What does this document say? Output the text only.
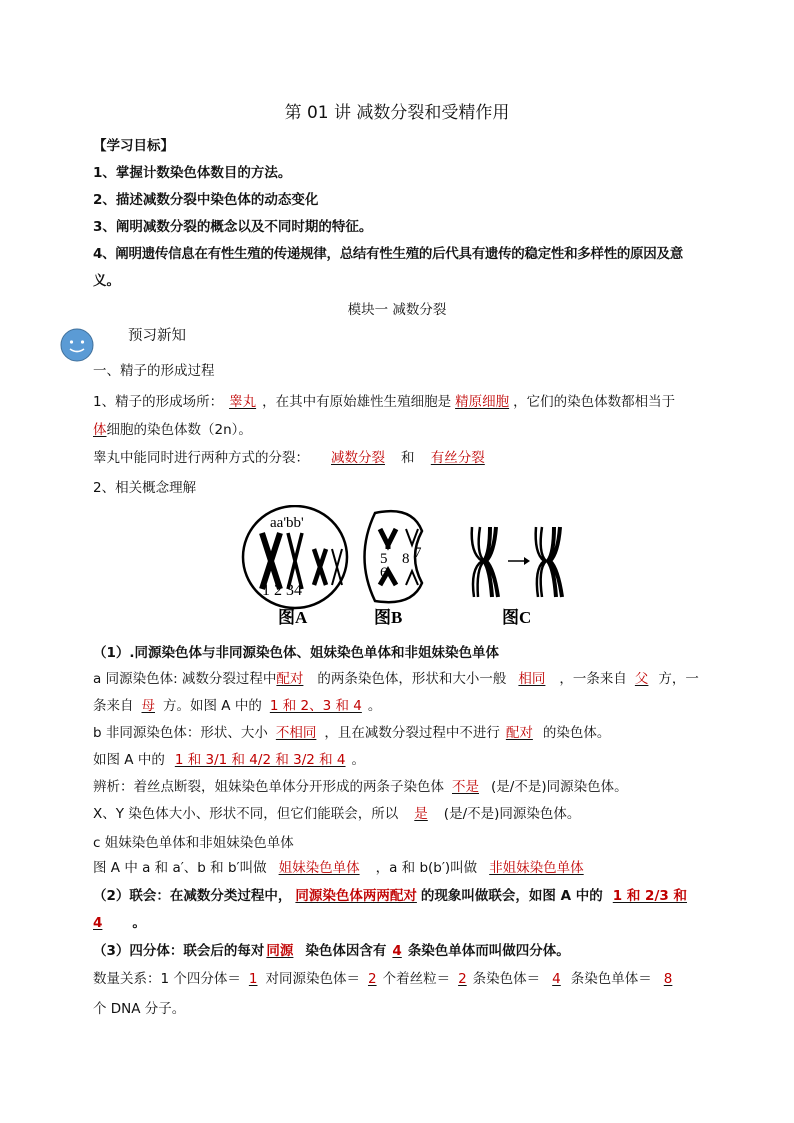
第 01 讲 减数分裂和受精作用
【学习目标】
1、掌握计数染色体数目的方法。
2、描述减数分裂中染色体的动态变化
3、阐明减数分裂的概念以及不同时期的特征。
4、阐明遗传信息在有性生殖的传递规律，总结有性生殖的后代具有遗传的稳定性和多样性的原因及意
义。
模块一 减数分裂
预习新知
一、精子的形成过程
1、精子的形成场所： 睾丸 ，在其中有原始雄性生殖细胞是 精原细胞 ，它们的染色体数都相当于
体细胞的染色体数（2n）。
睾丸中能同时进行两种方式的分裂： 减数分裂 和 有丝分裂
2、相关概念理解
aa'bb'
1 2 34
图A
5
6
8 7
图B	图C
（1）.同源染色体与非同源染色体、姐妹染色单体和非姐妹染色单体
a 同源染色体: 减数分裂过程中配对 的两条染色体，形状和大小一般 相同 ，一条来自 父 方，一
条来自 母 方。如图 A 中的 1 和 2、3 和 4 。
b 非同源染色体：形状、大小 不相同 ，且在减数分裂过程中不进行 配对 的染色体。
如图 A 中的 1 和 3/1 和 4/2 和 3/2 和 4 。
辨析：着丝点断裂，姐妹染色单体分开形成的两条子染色体 不是 (是/不是)同源染色体。
X、Y 染色体大小、形状不同，但它们能联会，所以 是 (是/不是)同源染色体。
c 姐妹染色单体和非姐妹染色单体
图 A 中 a 和 a′、b 和 b′叫做 姐妹染色单体 ，a 和 b(b′)叫做 非姐妹染色单体
（2）联会：在减数分类过程中， 同源染色体两两配对 的现象叫做联会，如图 A 中的 1 和 2/3 和
4 。
（3）四分体：联会后的每对 同源 染色体因含有 4 条染色单体而叫做四分体。
数量关系：1 个四分体＝ 1 对同源染色体＝ 2 个着丝粒＝ 2 条染色体＝ 4 条染色单体＝ 8
个 DNA 分子。
